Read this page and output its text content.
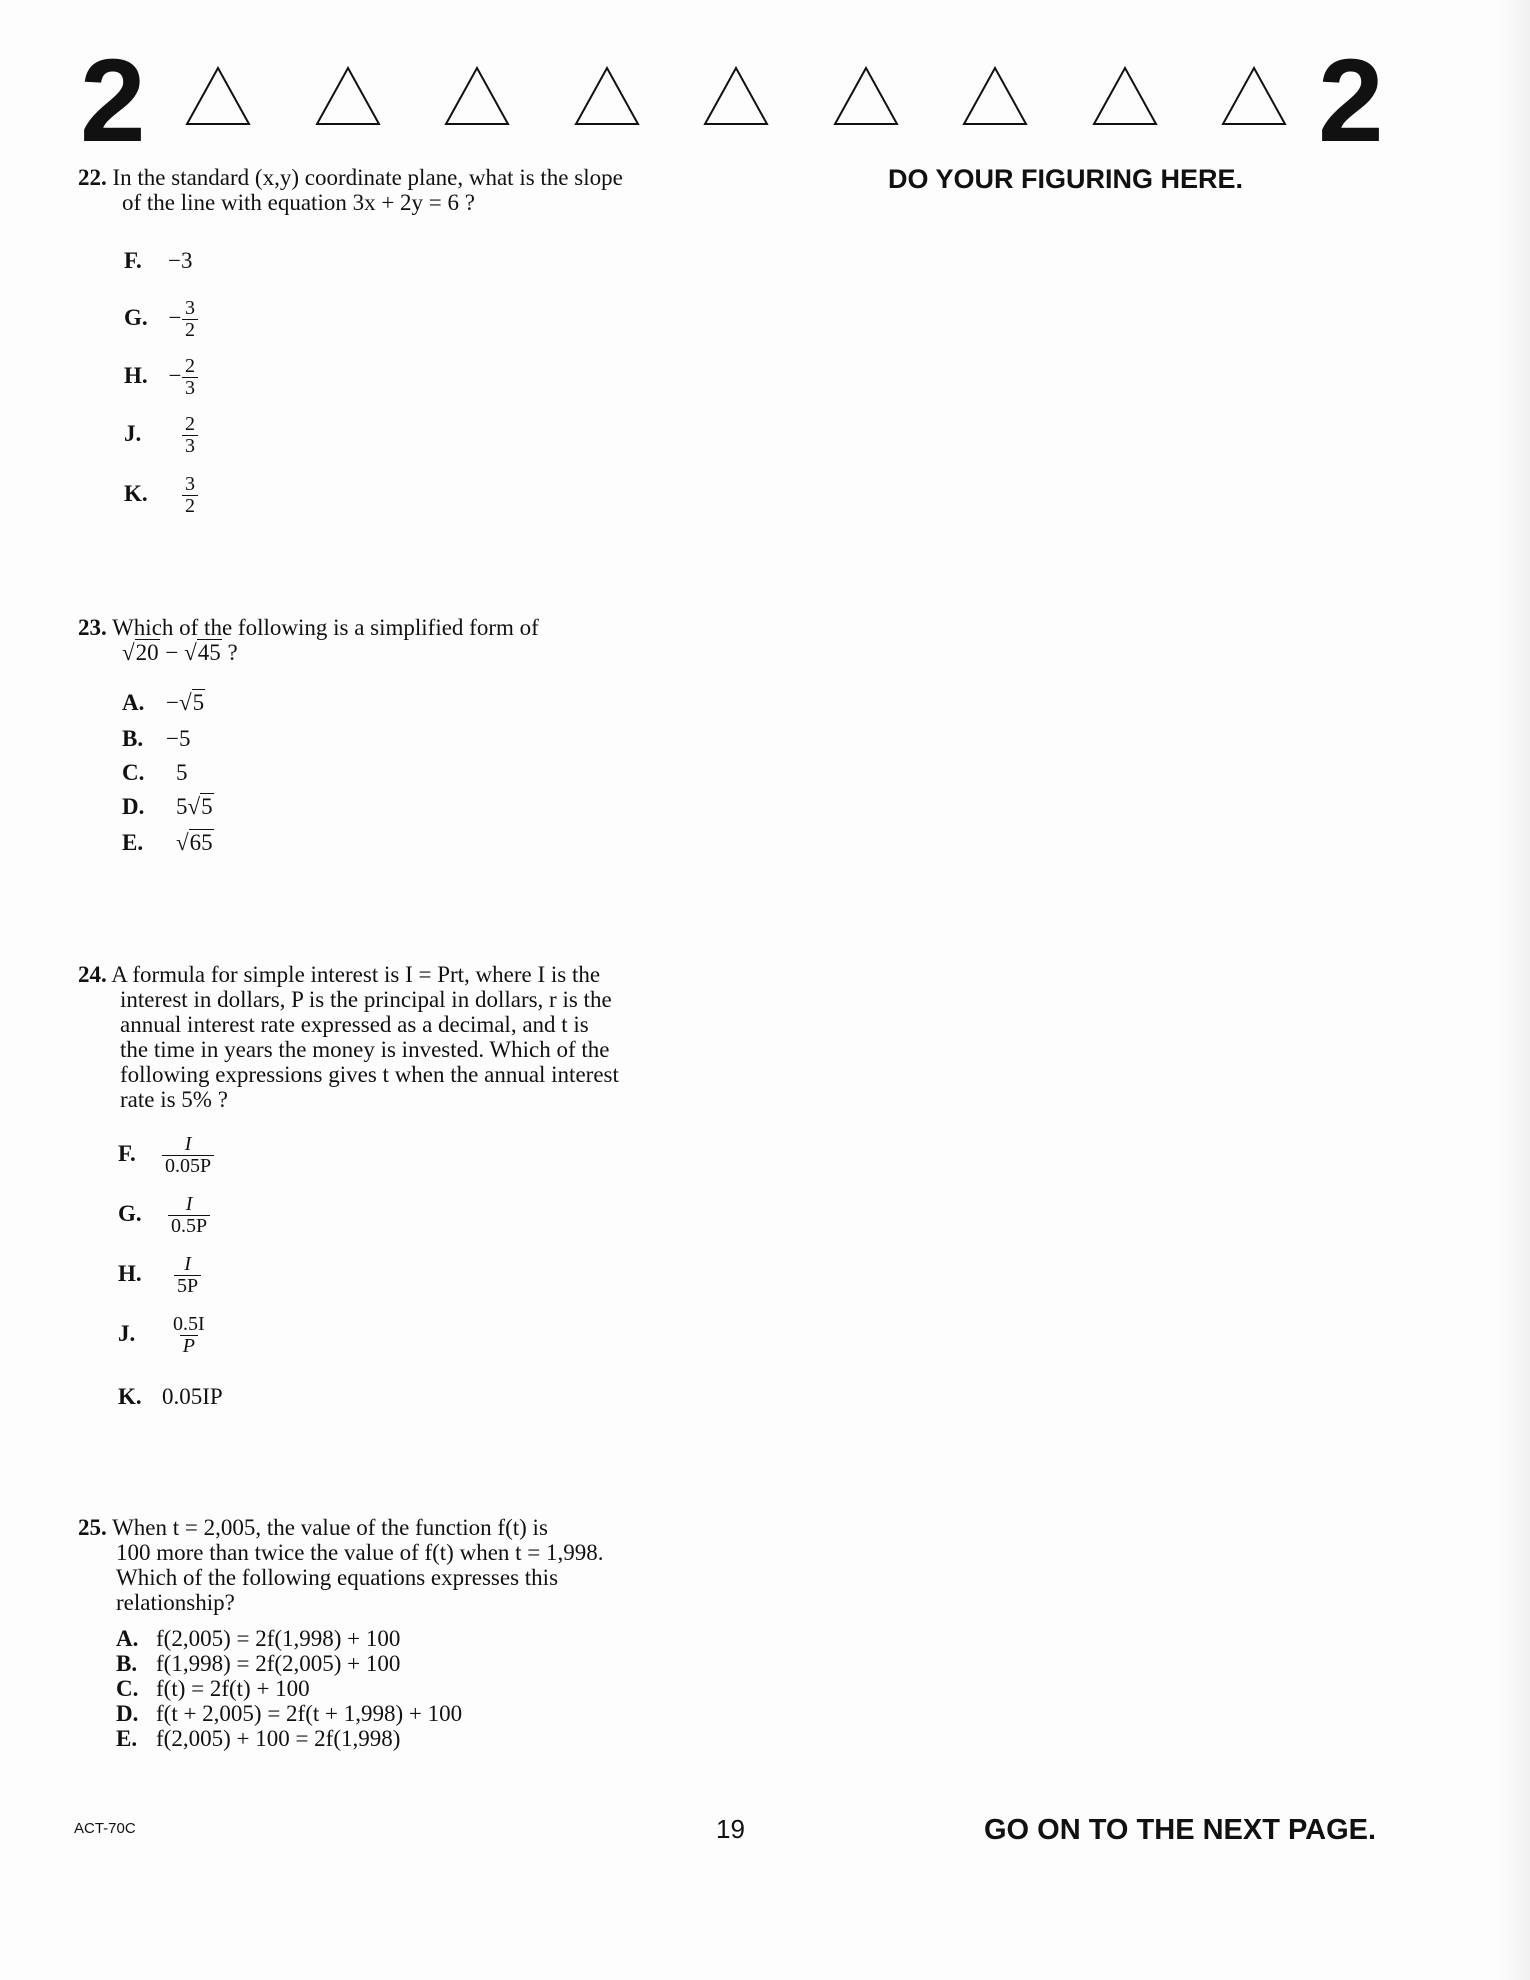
2	2
DO YOUR FIGURING HERE.
22. In the standard (x,y) coordinate plane, what is the slope
of the line with equation 3x + 2y = 6 ?
F. −3
G. − $\frac{3}{2}$
H. − $\frac{2}{3}$
J. $\frac{2}{3}$
K. $\frac{3}{2}$
23. Which of the following is a simplified form of
√20 − √45 ?
A. −√5
B. −5
C. 5
D. 5√5
E. √65
24. A formula for simple interest is I = Prt, where I is the
interest in dollars, P is the principal in dollars, r is the
annual interest rate expressed as a decimal, and t is
the time in years the money is invested. Which of the
following expressions gives t when the annual interest
rate is 5% ?
F. $\frac{I}{0.05P}$
G. $\frac{I}{0.5P}$
H. $\frac{I}{5P}$
J. $\frac{0.5I}{P}$
K. 0.05IP
25. When t = 2,005, the value of the function f(t) is
100 more than twice the value of f(t) when t = 1,998.
Which of the following equations expresses this
relationship?
A. f(2,005) = 2f(1,998) + 100
B. f(1,998) = 2f(2,005) + 100
C. f(t) = 2f(t) + 100
D. f(t + 2,005) = 2f(t + 1,998) + 100
E. f(2,005) + 100 = 2f(1,998)
ACT-70C	19	GO ON TO THE NEXT PAGE.
